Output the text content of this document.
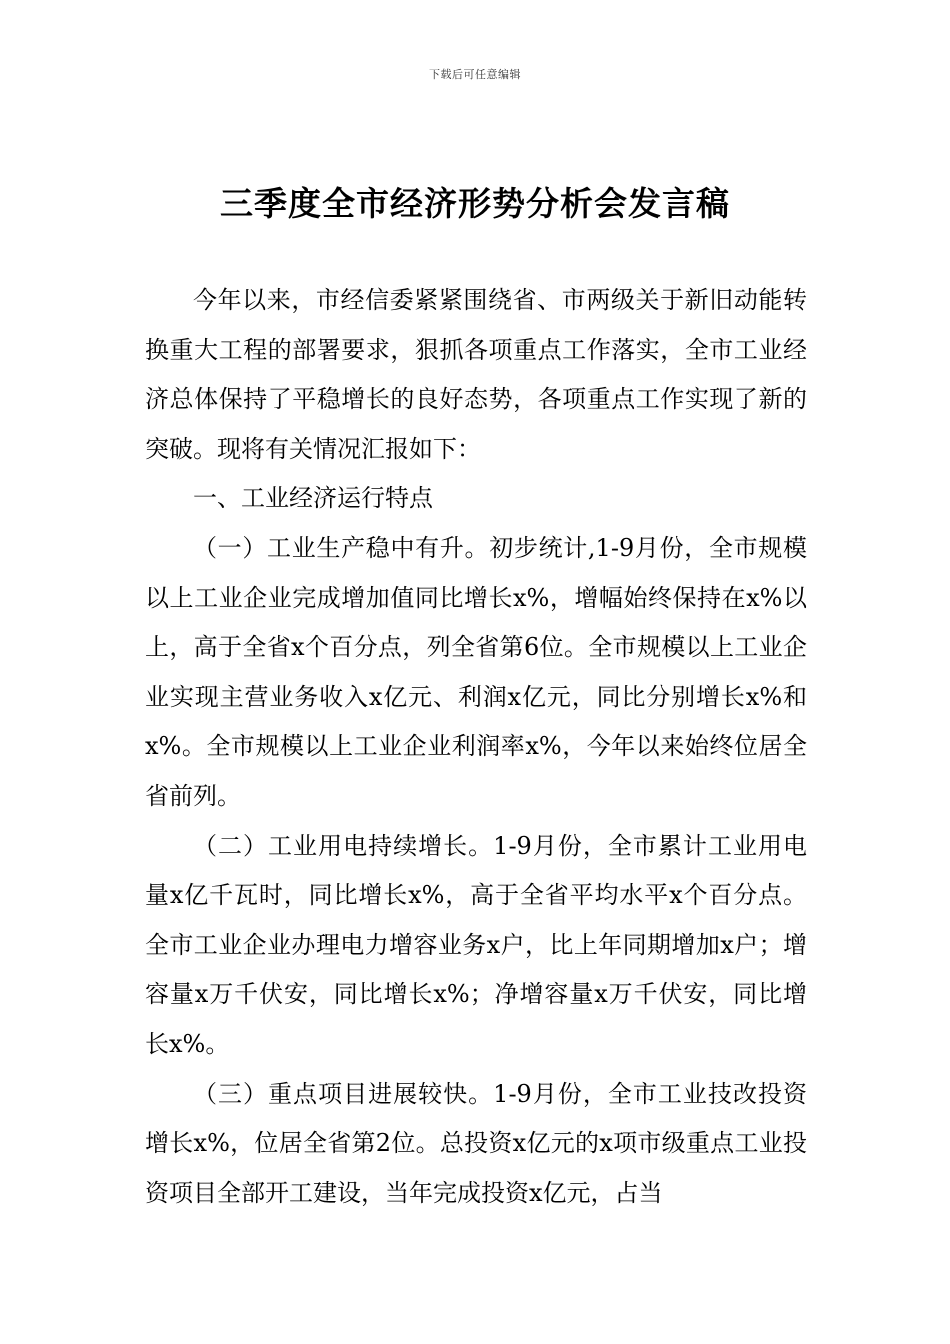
下载后可任意编辑
三季度全市经济形势分析会发言稿

今年以来，市经信委紧紧围绕省、市两级关于新旧动能转换重大工程的部署要求，狠抓各项重点工作落实，全市工业经济总体保持了平稳增长的良好态势，各项重点工作实现了新的突破。现将有关情况汇报如下：

一、工业经济运行特点

（一）工业生产稳中有升。初步统计,1-9月份，全市规模以上工业企业完成增加值同比增长x%，增幅始终保持在x%以上，高于全省x个百分点，列全省第6位。全市规模以上工业企业实现主营业务收入x亿元、利润x亿元，同比分别增长x%和x%。全市规模以上工业企业利润率x%，今年以来始终位居全省前列。

（二）工业用电持续增长。1-9月份，全市累计工业用电量x亿千瓦时，同比增长x%，高于全省平均水平x个百分点。全市工业企业办理电力增容业务x户，比上年同期增加x户；增容量x万千伏安，同比增长x%；净增容量x万千伏安，同比增长x%。

（三）重点项目进展较快。1-9月份，全市工业技改投资增长x%，位居全省第2位。总投资x亿元的x项市级重点工业投资项目全部开工建设，当年完成投资x亿元，占当
